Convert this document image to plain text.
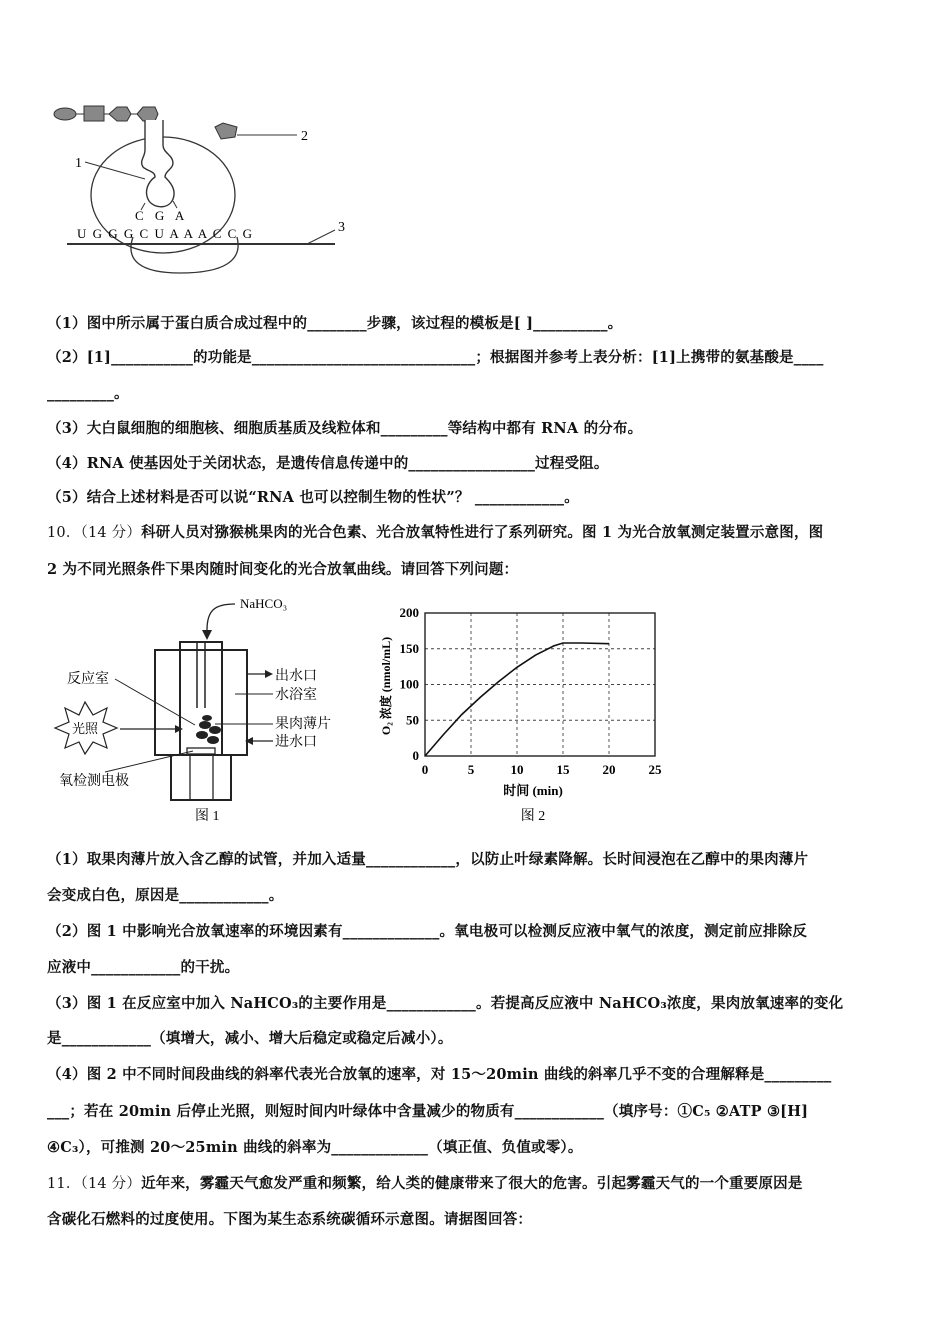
2
1
C G A
U G G G C U A A A C C G	3
（1）图中所示属于蛋白质合成过程中的________步骤，该过程的模板是[ ]__________。
（2）[1]___________的功能是______________________________；根据图并参考上表分析：[1]上携带的氨基酸是____
_________。
（3）大白鼠细胞的细胞核、细胞质基质及线粒体和_________等结构中都有 RNA 的分布。
（4）RNA 使基因处于关闭状态，是遗传信息传递中的_________________过程受阻。
（5）结合上述材料是否可以说“RNA 也可以控制生物的性状”？ ____________。
10．（14 分）科研人员对猕猴桃果肉的光合色素、光合放氧特性进行了系列研究。图 1 为光合放氧测定装置示意图，图
2 为不同光照条件下果肉随时间变化的光合放氧曲线。请回答下列问题：
NaHCO₃
反应室
光照
氧检测电极
出水口
水浴室
果肉薄片
进水口
图 1
0
50
100
150
200
0	5	10	15	20	25
时间 (min)
O₂ 浓度 (nmol/mL)
图 2
（1）取果肉薄片放入含乙醇的试管，并加入适量____________，以防止叶绿素降解。长时间浸泡在乙醇中的果肉薄片
会变成白色，原因是____________。
（2）图 1 中影响光合放氧速率的环境因素有_____________。氧电极可以检测反应液中氧气的浓度，测定前应排除反
应液中____________的干扰。
（3）图 1 在反应室中加入 NaHCO₃的主要作用是____________。若提高反应液中 NaHCO₃浓度，果肉放氧速率的变化
是____________（填增大，减小、增大后稳定或稳定后减小）。
（4）图 2 中不同时间段曲线的斜率代表光合放氧的速率，对 15～20min 曲线的斜率几乎不变的合理解释是_________
___；若在 20min 后停止光照，则短时间内叶绿体中含量减少的物质有____________（填序号：①C₅ ②ATP ③[H]
④C₃），可推测 20～25min 曲线的斜率为_____________（填正值、负值或零）。
11．（14 分）近年来，雾霾天气愈发严重和频繁，给人类的健康带来了很大的危害。引起雾霾天气的一个重要原因是
含碳化石燃料的过度使用。下图为某生态系统碳循环示意图。请据图回答：
